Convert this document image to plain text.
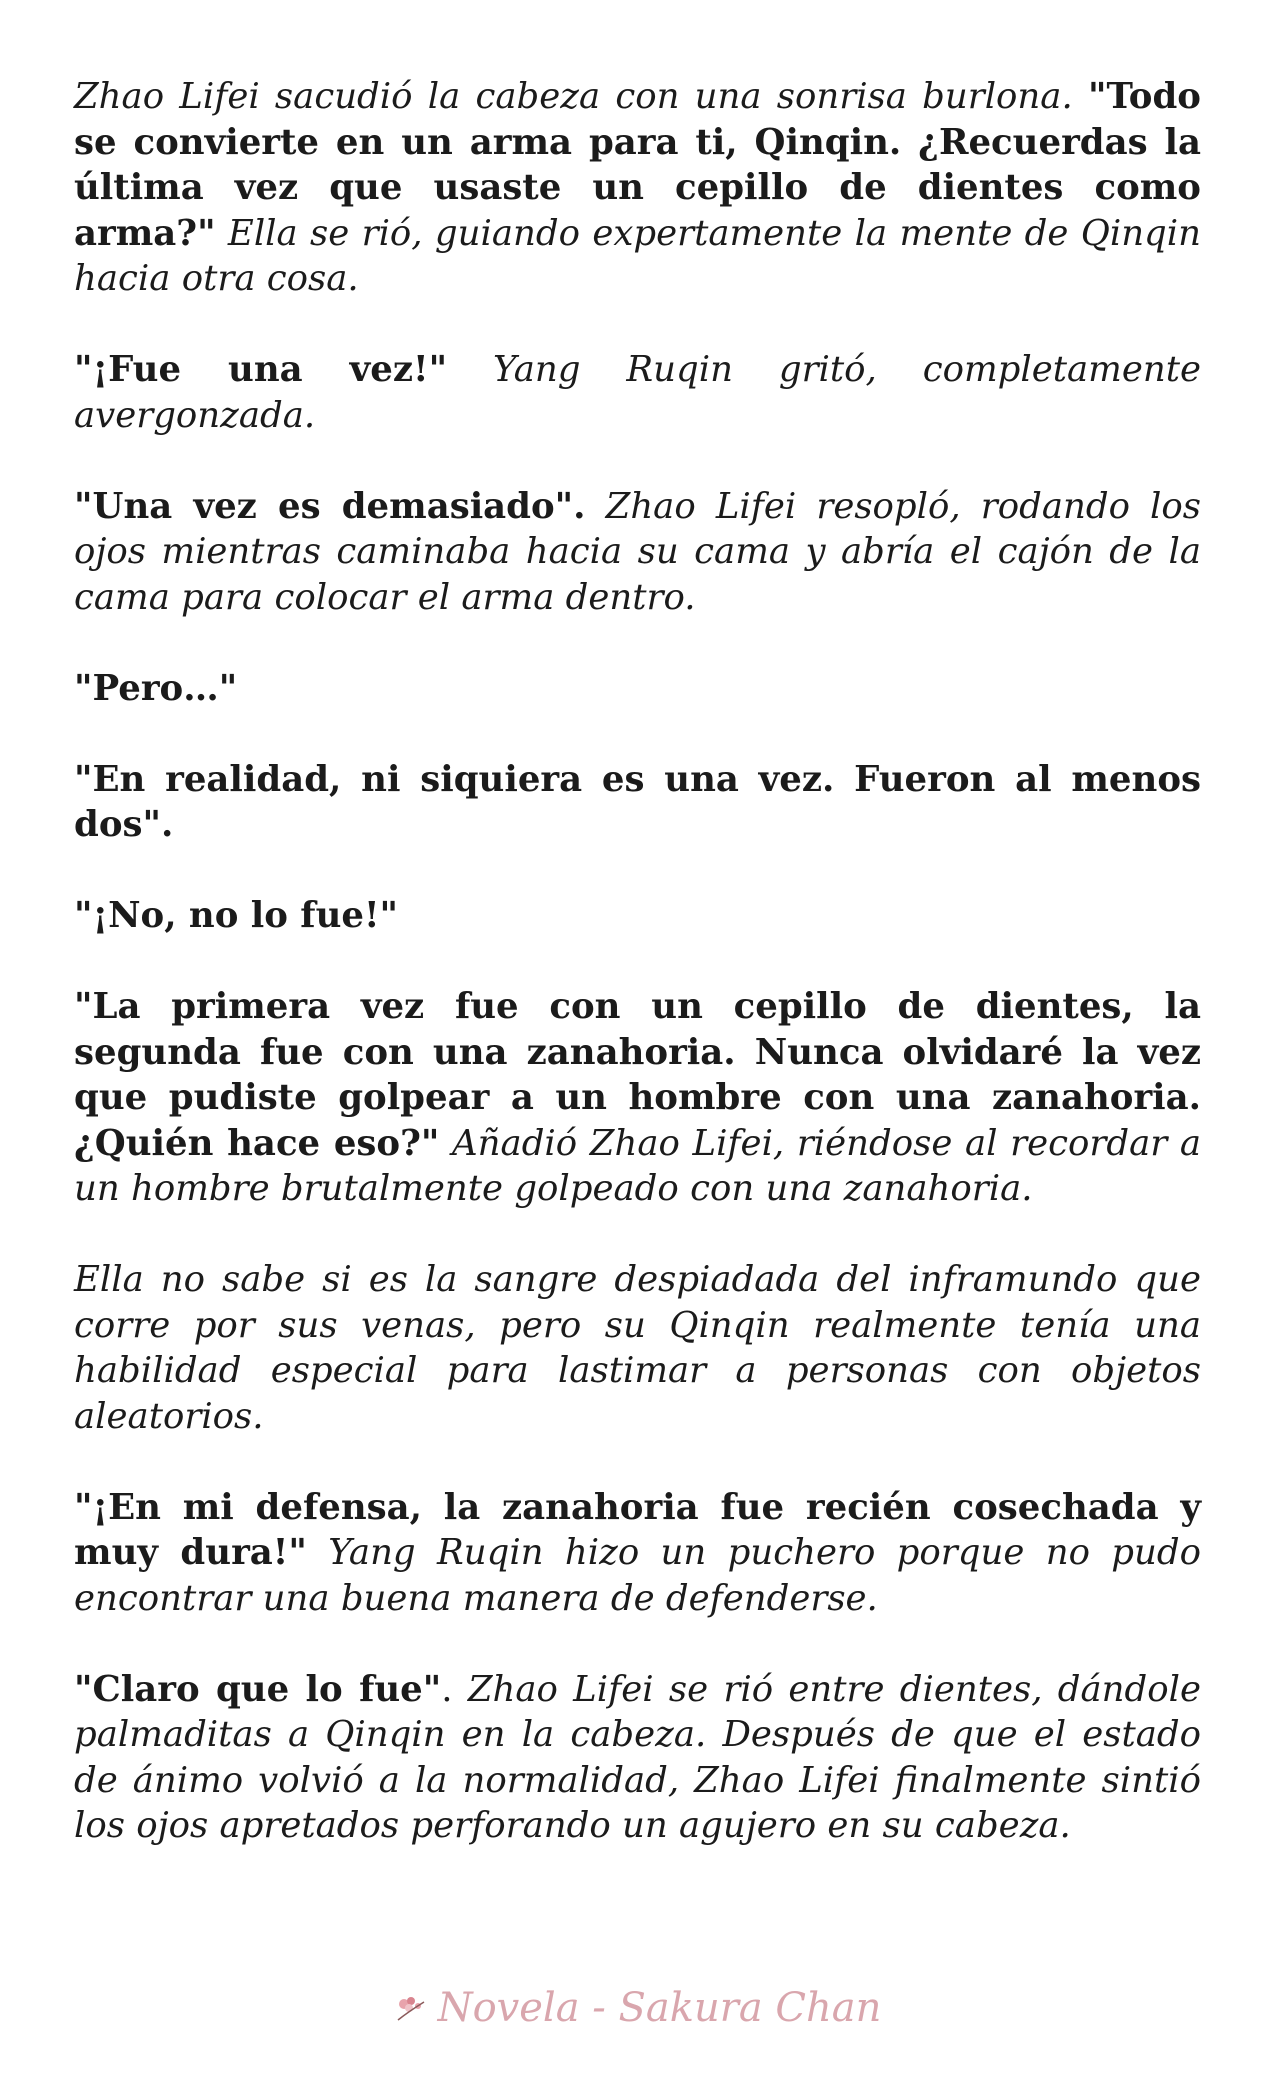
Zhao Lifei sacudió la cabeza con una sonrisa burlona. "Todo se convierte en un arma para ti, Qinqin. ¿Recuerdas la última vez que usaste un cepillo de dientes como arma?" Ella se rió, guiando expertamente la mente de Qinqin hacia otra cosa.

"¡Fue una vez!" Yang Ruqin gritó, completamente avergonzada.

"Una vez es demasiado". Zhao Lifei resopló, rodando los ojos mientras caminaba hacia su cama y abría el cajón de la cama para colocar el arma dentro.

"Pero…"

"En realidad, ni siquiera es una vez. Fueron al menos dos".

"¡No, no lo fue!"

"La primera vez fue con un cepillo de dientes, la segunda fue con una zanahoria. Nunca olvidaré la vez que pudiste golpear a un hombre con una zanahoria. ¿Quién hace eso?" Añadió Zhao Lifei, riéndose al recordar a un hombre brutalmente golpeado con una zanahoria.

Ella no sabe si es la sangre despiadada del inframundo que corre por sus venas, pero su Qinqin realmente tenía una habilidad especial para lastimar a personas con objetos aleatorios.

"¡En mi defensa, la zanahoria fue recién cosechada y muy dura!" Yang Ruqin hizo un puchero porque no pudo encontrar una buena manera de defenderse.

"Claro que lo fue". Zhao Lifei se rió entre dientes, dándole palmaditas a Qinqin en la cabeza. Después de que el estado de ánimo volvió a la normalidad, Zhao Lifei finalmente sintió los ojos apretados perforando un agujero en su cabeza.

Novela - Sakura Chan
